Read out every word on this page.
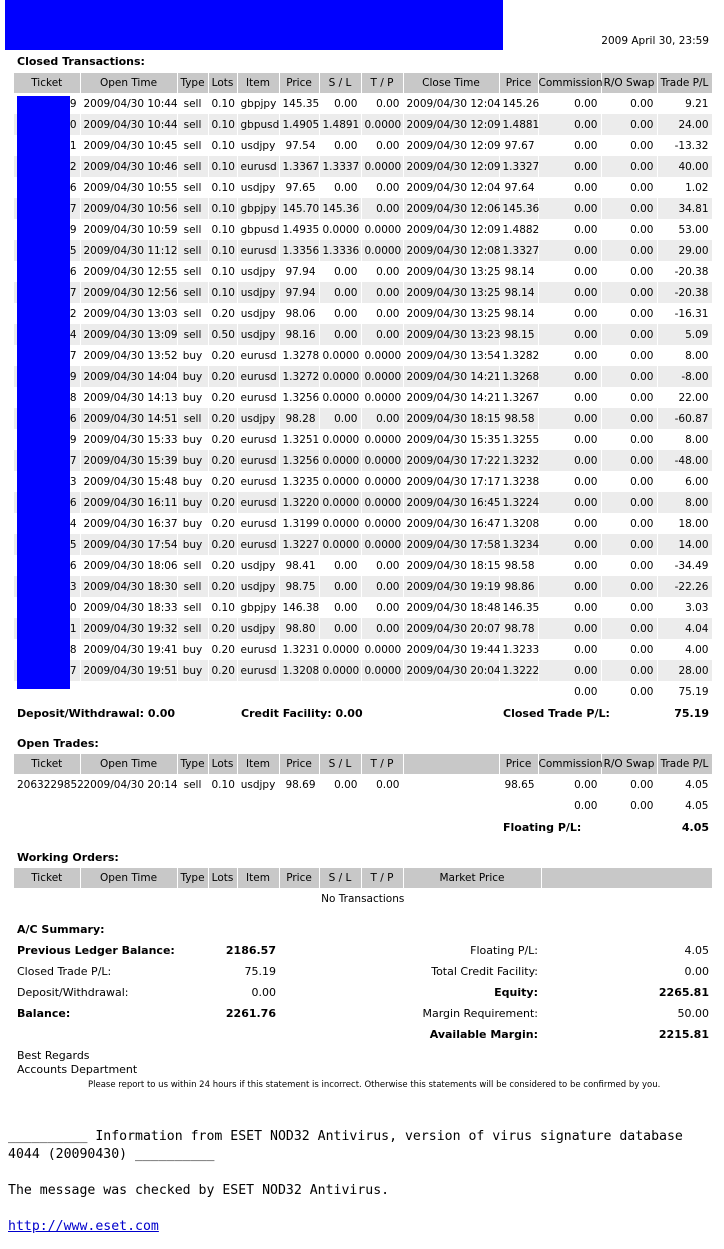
2009 April 30, 23:59
Closed Transactions:
Ticket	Open Time	Type	Lots	Item	Price	S / L	T / P	Close Time	Price	Commission	R/O Swap	Trade P/L
9	2009/04/30 10:44	sell	0.10	gbpjpy	145.35	0.00	0.00	2009/04/30 12:04	145.26	0.00	0.00	9.21
0	2009/04/30 10:44	sell	0.10	gbpusd	1.4905	1.4891	0.0000	2009/04/30 12:09	1.4881	0.00	0.00	24.00
1	2009/04/30 10:45	sell	0.10	usdjpy	97.54	0.00	0.00	2009/04/30 12:09	97.67	0.00	0.00	-13.32
2	2009/04/30 10:46	sell	0.10	eurusd	1.3367	1.3337	0.0000	2009/04/30 12:09	1.3327	0.00	0.00	40.00
6	2009/04/30 10:55	sell	0.10	usdjpy	97.65	0.00	0.00	2009/04/30 12:04	97.64	0.00	0.00	1.02
7	2009/04/30 10:56	sell	0.10	gbpjpy	145.70	145.36	0.00	2009/04/30 12:06	145.36	0.00	0.00	34.81
9	2009/04/30 10:59	sell	0.10	gbpusd	1.4935	0.0000	0.0000	2009/04/30 12:09	1.4882	0.00	0.00	53.00
5	2009/04/30 11:12	sell	0.10	eurusd	1.3356	1.3336	0.0000	2009/04/30 12:08	1.3327	0.00	0.00	29.00
6	2009/04/30 12:55	sell	0.10	usdjpy	97.94	0.00	0.00	2009/04/30 13:25	98.14	0.00	0.00	-20.38
7	2009/04/30 12:56	sell	0.10	usdjpy	97.94	0.00	0.00	2009/04/30 13:25	98.14	0.00	0.00	-20.38
2	2009/04/30 13:03	sell	0.20	usdjpy	98.06	0.00	0.00	2009/04/30 13:25	98.14	0.00	0.00	-16.31
4	2009/04/30 13:09	sell	0.50	usdjpy	98.16	0.00	0.00	2009/04/30 13:23	98.15	0.00	0.00	5.09
7	2009/04/30 13:52	buy	0.20	eurusd	1.3278	0.0000	0.0000	2009/04/30 13:54	1.3282	0.00	0.00	8.00
9	2009/04/30 14:04	buy	0.20	eurusd	1.3272	0.0000	0.0000	2009/04/30 14:21	1.3268	0.00	0.00	-8.00
8	2009/04/30 14:13	buy	0.20	eurusd	1.3256	0.0000	0.0000	2009/04/30 14:21	1.3267	0.00	0.00	22.00
6	2009/04/30 14:51	sell	0.20	usdjpy	98.28	0.00	0.00	2009/04/30 18:15	98.58	0.00	0.00	-60.87
9	2009/04/30 15:33	buy	0.20	eurusd	1.3251	0.0000	0.0000	2009/04/30 15:35	1.3255	0.00	0.00	8.00
7	2009/04/30 15:39	buy	0.20	eurusd	1.3256	0.0000	0.0000	2009/04/30 17:22	1.3232	0.00	0.00	-48.00
3	2009/04/30 15:48	buy	0.20	eurusd	1.3235	0.0000	0.0000	2009/04/30 17:17	1.3238	0.00	0.00	6.00
6	2009/04/30 16:11	buy	0.20	eurusd	1.3220	0.0000	0.0000	2009/04/30 16:45	1.3224	0.00	0.00	8.00
4	2009/04/30 16:37	buy	0.20	eurusd	1.3199	0.0000	0.0000	2009/04/30 16:47	1.3208	0.00	0.00	18.00
5	2009/04/30 17:54	buy	0.20	eurusd	1.3227	0.0000	0.0000	2009/04/30 17:58	1.3234	0.00	0.00	14.00
6	2009/04/30 18:06	sell	0.20	usdjpy	98.41	0.00	0.00	2009/04/30 18:15	98.58	0.00	0.00	-34.49
3	2009/04/30 18:30	sell	0.20	usdjpy	98.75	0.00	0.00	2009/04/30 19:19	98.86	0.00	0.00	-22.26
0	2009/04/30 18:33	sell	0.10	gbpjpy	146.38	0.00	0.00	2009/04/30 18:48	146.35	0.00	0.00	3.03
1	2009/04/30 19:32	sell	0.20	usdjpy	98.80	0.00	0.00	2009/04/30 20:07	98.78	0.00	0.00	4.04
8	2009/04/30 19:41	buy	0.20	eurusd	1.3231	0.0000	0.0000	2009/04/30 19:44	1.3233	0.00	0.00	4.00
7	2009/04/30 19:51	buy	0.20	eurusd	1.3208	0.0000	0.0000	2009/04/30 20:04	1.3222	0.00	0.00	28.00
										0.00	0.00	75.19
Deposit/Withdrawal: 0.00	Credit Facility: 0.00	Closed Trade P/L:	75.19
Open Trades:
Ticket	Open Time	Type	Lots	Item	Price	S / L	T / P		Price	Commission	R/O Swap	Trade P/L
2063229852	2009/04/30 20:14	sell	0.10	usdjpy	98.69	0.00	0.00		98.65	0.00	0.00	4.05
										0.00	0.00	4.05
Floating P/L:	4.05
Working Orders:
Ticket	Open Time	Type	Lots	Item	Price	S / L	T / P	Market Price	
No Transactions
A/C Summary:
Previous Ledger Balance:	2186.57
Closed Trade P/L:	75.19
Deposit/Withdrawal:	0.00
Balance:	2261.76
Floating P/L:	4.05
Total Credit Facility:	0.00
Equity:	2265.81
Margin Requirement:	50.00
Available Margin:	2215.81
Best Regards
Accounts Department
Please report to us within 24 hours if this statement is incorrect. Otherwise this statements will be considered to be confirmed by you.
__________ Information from ESET NOD32 Antivirus, version of virus signature database
4044 (20090430) __________
The message was checked by ESET NOD32 Antivirus.
http://www.eset.com
